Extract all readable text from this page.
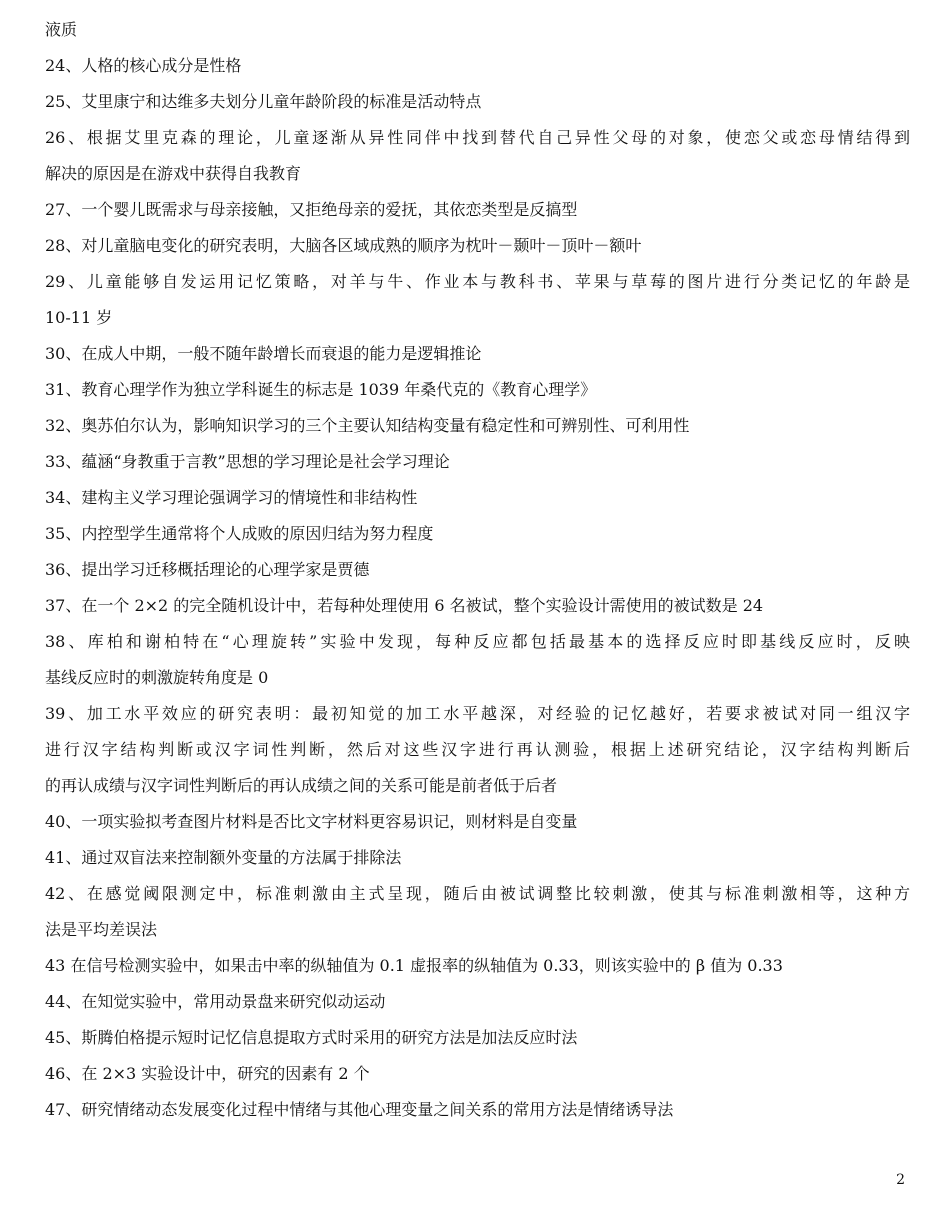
液质
24、人格的核心成分是性格
25、艾里康宁和达维多夫划分儿童年龄阶段的标准是活动特点
26、根据艾里克森的理论，儿童逐渐从异性同伴中找到替代自己异性父母的对象，使恋父或恋母情结得到
解决的原因是在游戏中获得自我教育
27、一个婴儿既需求与母亲接触，又拒绝母亲的爱抚，其依恋类型是反搞型
28、对儿童脑电变化的研究表明，大脑各区域成熟的顺序为枕叶－颞叶－顶叶－额叶
29、儿童能够自发运用记忆策略，对羊与牛、作业本与教科书、苹果与草莓的图片进行分类记忆的年龄是
10-11 岁
30、在成人中期，一般不随年龄增长而衰退的能力是逻辑推论
31、教育心理学作为独立学科诞生的标志是 1039 年桑代克的《教育心理学》
32、奥苏伯尔认为，影响知识学习的三个主要认知结构变量有稳定性和可辨别性、可利用性
33、蕴涵“身教重于言教”思想的学习理论是社会学习理论
34、建构主义学习理论强调学习的情境性和非结构性
35、内控型学生通常将个人成败的原因归结为努力程度
36、提出学习迁移概括理论的心理学家是贾德
37、在一个 2×2 的完全随机设计中，若每种处理使用 6 名被试，整个实验设计需使用的被试数是 24
38、库柏和谢柏特在“心理旋转”实验中发现，每种反应都包括最基本的选择反应时即基线反应时，反映
基线反应时的刺激旋转角度是 0
39、加工水平效应的研究表明：最初知觉的加工水平越深，对经验的记忆越好，若要求被试对同一组汉字
进行汉字结构判断或汉字词性判断，然后对这些汉字进行再认测验，根据上述研究结论，汉字结构判断后
的再认成绩与汉字词性判断后的再认成绩之间的关系可能是前者低于后者
40、一项实验拟考查图片材料是否比文字材料更容易识记，则材料是自变量
41、通过双盲法来控制额外变量的方法属于排除法
42、在感觉阈限测定中，标准刺激由主式呈现，随后由被试调整比较刺激，使其与标准刺激相等，这种方
法是平均差误法
43 在信号检测实验中，如果击中率的纵轴值为 0.1 虚报率的纵轴值为 0.33，则该实验中的 β 值为 0.33
44、在知觉实验中，常用动景盘来研究似动运动
45、斯腾伯格提示短时记忆信息提取方式时采用的研究方法是加法反应时法
46、在 2×3 实验设计中，研究的因素有 2 个
47、研究情绪动态发展变化过程中情绪与其他心理变量之间关系的常用方法是情绪诱导法
2
